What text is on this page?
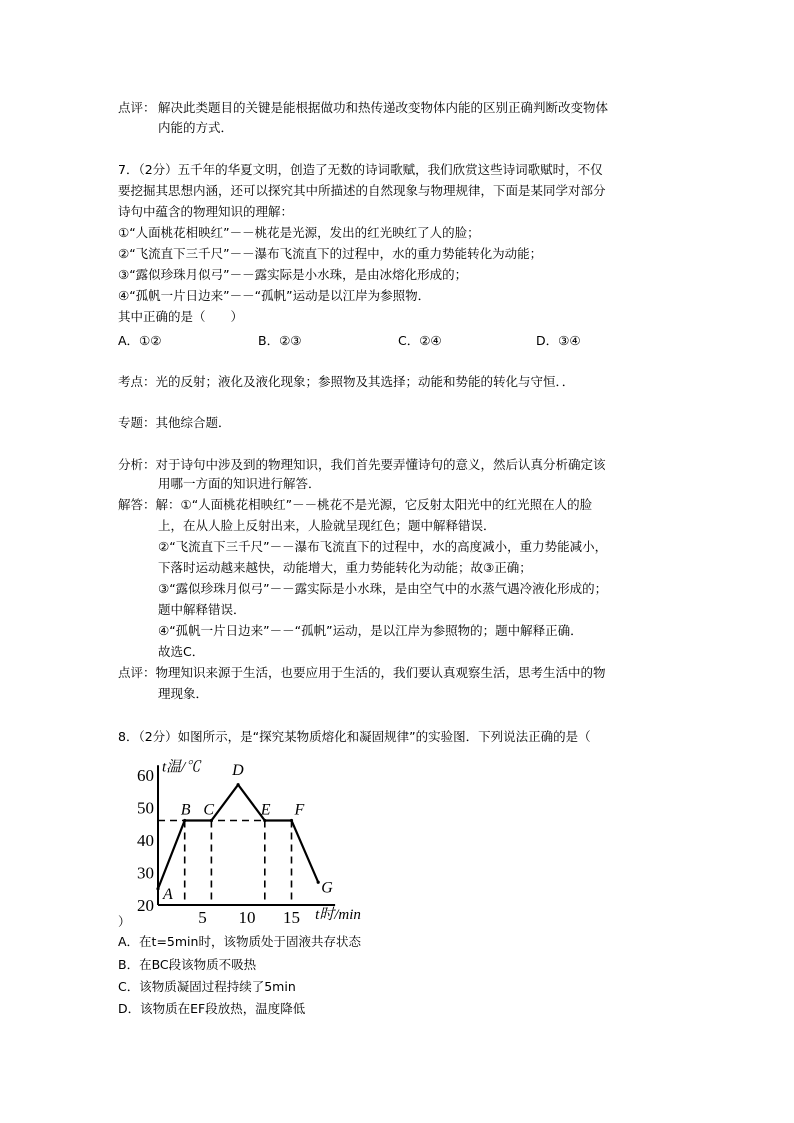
点评： 解决此类题目的关键是能根据做功和热传递改变物体内能的区别正确判断改变物体
内能的方式．
7．（2分）五千年的华夏文明，创造了无数的诗词歌赋，我们欣赏这些诗词歌赋时，不仅
要挖掘其思想内涵，还可以探究其中所描述的自然现象与物理规律，下面是某同学对部分
诗句中蕴含的物理知识的理解：
①“人面桃花相映红”－－桃花是光源，发出的红光映红了人的脸；
②“飞流直下三千尺”－－瀑布飞流直下的过程中，水的重力势能转化为动能；
③“露似珍珠月似弓”－－露实际是小水珠，是由冰熔化形成的；
④“孤帆一片日边来”－－“孤帆”运动是以江岸为参照物．
其中正确的是（　　）
A．①②	B．②③	C．②④	D．③④
考点：光的反射；液化及液化现象；参照物及其选择；动能和势能的转化与守恒．．
专题：其他综合题．
分析：对于诗句中涉及到的物理知识，我们首先要弄懂诗句的意义，然后认真分析确定该
用哪一方面的知识进行解答．
解答：解：①“人面桃花相映红”－－桃花不是光源，它反射太阳光中的红光照在人的脸
上，在从人脸上反射出来，人脸就呈现红色；题中解释错误．
②“飞流直下三千尺”－－瀑布飞流直下的过程中，水的高度减小，重力势能减小，
下落时运动越来越快，动能增大，重力势能转化为动能；故③正确；
③“露似珍珠月似弓”－－露实际是小水珠，是由空气中的水蒸气遇冷液化形成的；
题中解释错误．
④“孤帆一片日边来”－－“孤帆”运动，是以江岸为参照物的；题中解释正确．
故选C．
点评：物理知识来源于生活，也要应用于生活的，我们要认真观察生活，思考生活中的物
理现象．
8．（2分）如图所示，是“探究某物质熔化和凝固规律”的实验图．下列说法正确的是（
60
50
40
30
20
5 10 15
t温/℃
t时/min
A
B C
D
E F
G
）
A．在t=5min时，该物质处于固液共存状态
B．在BC段该物质不吸热
C．该物质凝固过程持续了5min
D．该物质在EF段放热，温度降低
